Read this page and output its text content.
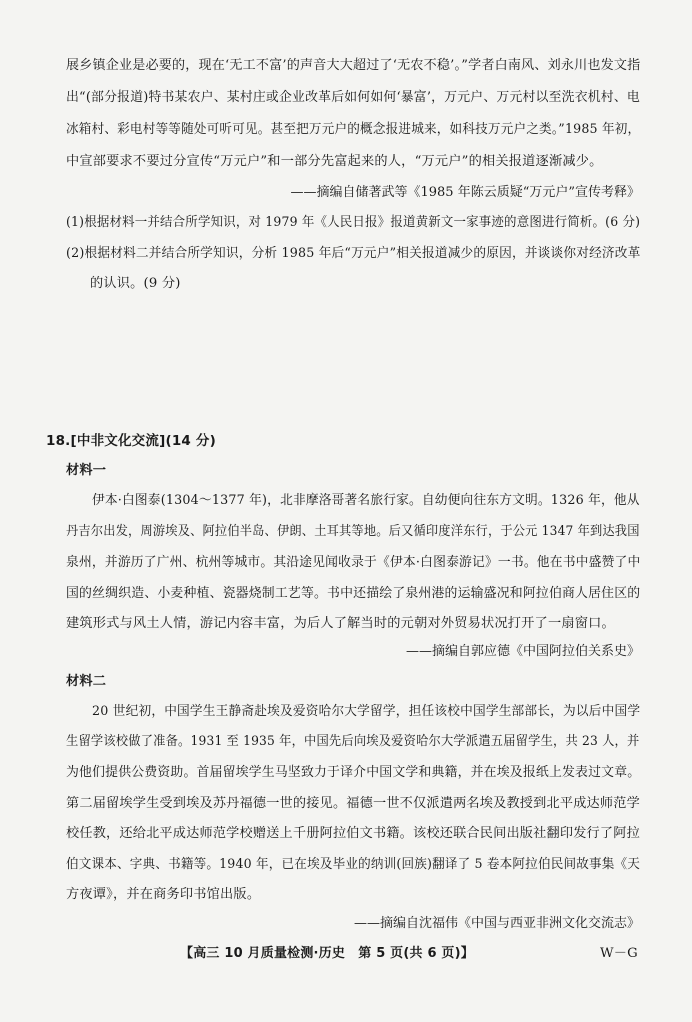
展乡镇企业是必要的，现在‘无工不富’的声音大大超过了‘无农不稳’。”学者白南风、刘永川也发文指
出“(部分报道)特书某农户、某村庄或企业改革后如何如何‘暴富’，万元户、万元村以至洗衣机村、电
冰箱村、彩电村等等随处可听可见。甚至把万元户的概念报进城来，如科技万元户之类。”1985 年初，
中宣部要求不要过分宣传“万元户”和一部分先富起来的人，“万元户”的相关报道逐渐减少。
——摘编自储著武等《1985 年陈云质疑“万元户”宣传考释》
(1)根据材料一并结合所学知识，对 1979 年《人民日报》报道黄新文一家事迹的意图进行简析。(6 分)
(2)根据材料二并结合所学知识，分析 1985 年后“万元户”相关报道减少的原因，并谈谈你对经济改革
的认识。(9 分)
18.[中非文化交流](14 分)
材料一
伊本·白图泰(1304～1377 年)，北非摩洛哥著名旅行家。自幼便向往东方文明。1326 年，他从
丹吉尔出发，周游埃及、阿拉伯半岛、伊朗、土耳其等地。后又循印度洋东行，于公元 1347 年到达我国
泉州，并游历了广州、杭州等城市。其沿途见闻收录于《伊本·白图泰游记》一书。他在书中盛赞了中
国的丝绸织造、小麦种植、瓷器烧制工艺等。书中还描绘了泉州港的运输盛况和阿拉伯商人居住区的
建筑形式与风土人情，游记内容丰富，为后人了解当时的元朝对外贸易状况打开了一扇窗口。
——摘编自郭应德《中国阿拉伯关系史》
材料二
20 世纪初，中国学生王静斋赴埃及爱资哈尔大学留学，担任该校中国学生部部长，为以后中国学
生留学该校做了准备。1931 至 1935 年，中国先后向埃及爱资哈尔大学派遣五届留学生，共 23 人，并
为他们提供公费资助。首届留埃学生马坚致力于译介中国文学和典籍，并在埃及报纸上发表过文章。
第二届留埃学生受到埃及苏丹福德一世的接见。福德一世不仅派遣两名埃及教授到北平成达师范学
校任教，还给北平成达师范学校赠送上千册阿拉伯文书籍。该校还联合民间出版社翻印发行了阿拉
伯文课本、字典、书籍等。1940 年，已在埃及毕业的纳训(回族)翻译了 5 卷本阿拉伯民间故事集《天
方夜谭》，并在商务印书馆出版。
——摘编自沈福伟《中国与西亚非洲文化交流志》
【高三 10 月质量检测·历史　第 5 页(共 6 页)】	W－G
